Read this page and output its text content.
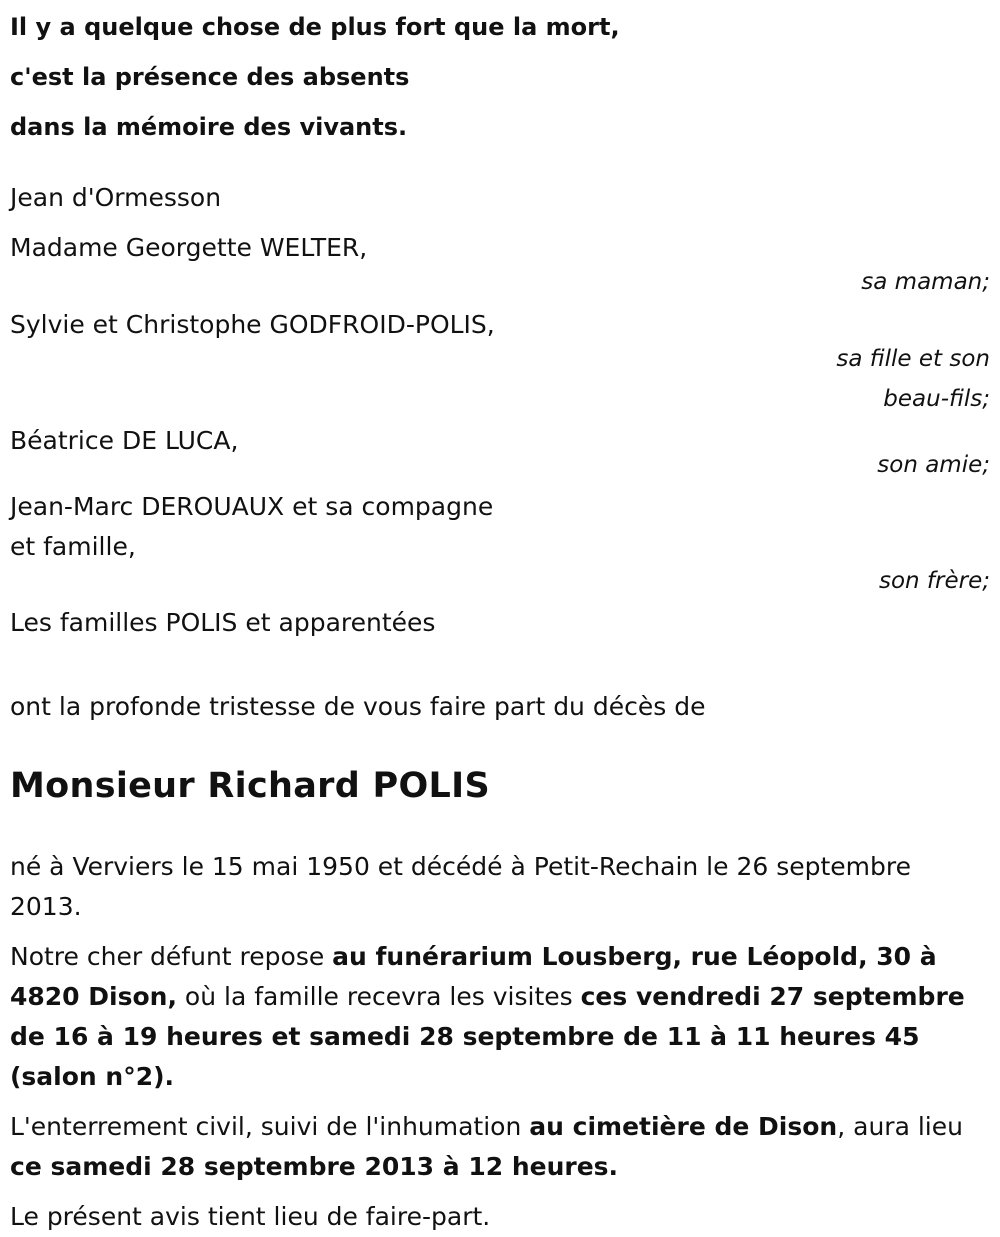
Il y a quelque chose de plus fort que la mort,
c'est la présence des absents
dans la mémoire des vivants.
Jean d'Ormesson
Madame Georgette WELTER,
sa maman;
Sylvie et Christophe GODFROID-POLIS,
sa fille et son
beau-fils;
Béatrice DE LUCA,
son amie;
Jean-Marc DEROUAUX et sa compagne
et famille,
son frère;
Les familles POLIS et apparentées
ont la profonde tristesse de vous faire part du décès de
Monsieur Richard POLIS

né à Verviers le 15 mai 1950 et décédé à Petit-Rechain le 26 septembre 2013.

Notre cher défunt repose au funérarium Lousberg, rue Léopold, 30 à 4820 Dison, où la famille recevra les visites ces vendredi 27 septembre de 16 à 19 heures et samedi 28 septembre de 11 à 11 heures 45 (salon n°2).

L'enterrement civil, suivi de l'inhumation au cimetière de Dison, aura lieu ce samedi 28 septembre 2013 à 12 heures.

Le présent avis tient lieu de faire-part.
